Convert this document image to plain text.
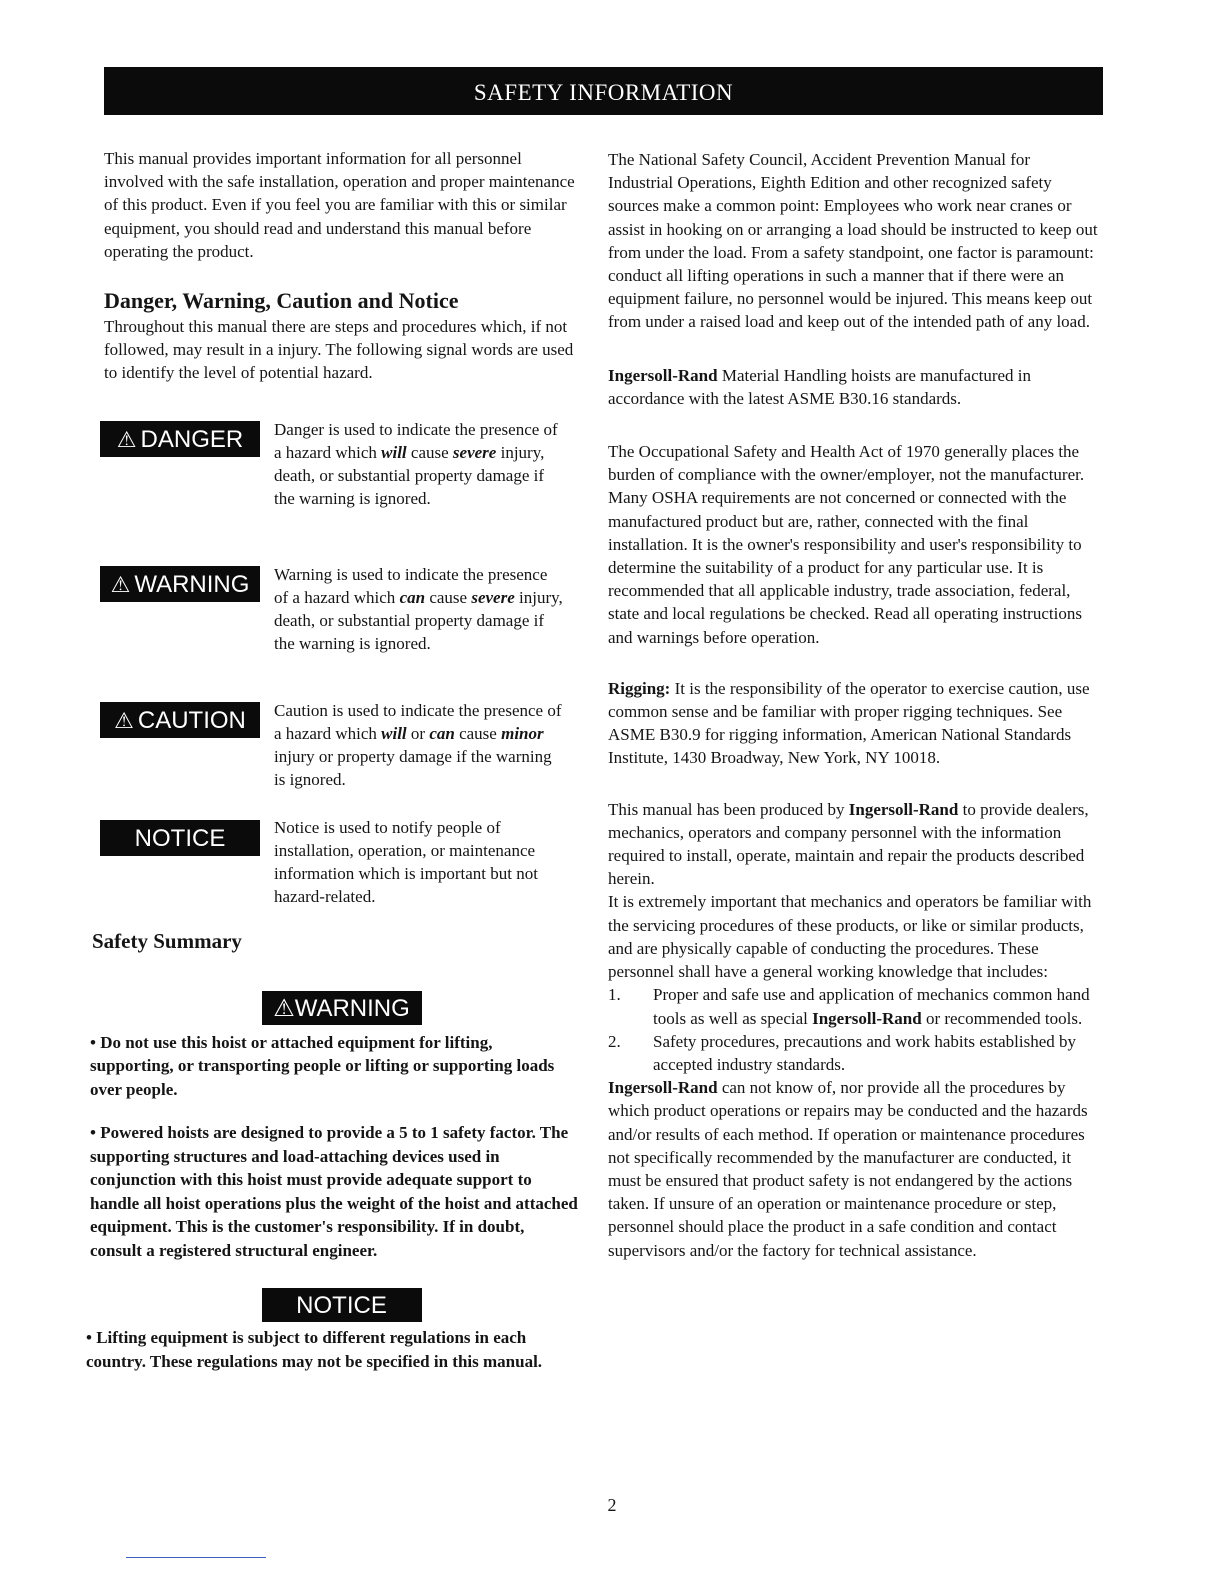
SAFETY INFORMATION

This manual provides important information for all personnel involved with the safe installation, operation and proper maintenance of this product. Even if you feel you are familiar with this or similar equipment, you should read and understand this manual before operating the product.

Danger, Warning, Caution and Notice

Throughout this manual there are steps and procedures which, if not followed, may result in a injury. The following signal words are used to identify the level of potential hazard.

⚠ DANGER	Danger is used to indicate the presence of a hazard which will cause severe injury, death, or substantial property damage if the warning is ignored.
⚠ WARNING	Warning is used to indicate the presence of a hazard which can cause severe injury, death, or substantial property damage if the warning is ignored.
⚠ CAUTION	Caution is used to indicate the presence of a hazard which will or can cause minor injury or property damage if the warning is ignored.
NOTICE	Notice is used to notify people of installation, operation, or maintenance information which is important but not hazard-related.
Safety Summary
⚠WARNING

• Do not use this hoist or attached equipment for lifting, supporting, or transporting people or lifting or supporting loads over people.

• Powered hoists are designed to provide a 5 to 1 safety factor. The supporting structures and load-attaching devices used in conjunction with this hoist must provide adequate support to handle all hoist operations plus the weight of the hoist and attached equipment. This is the customer's responsibility. If in doubt, consult a registered structural engineer.

NOTICE

• Lifting equipment is subject to different regulations in each country. These regulations may not be specified in this manual.

The National Safety Council, Accident Prevention Manual for Industrial Operations, Eighth Edition and other recognized safety sources make a common point: Employees who work near cranes or assist in hooking on or arranging a load should be instructed to keep out from under the load. From a safety standpoint, one factor is paramount: conduct all lifting operations in such a manner that if there were an equipment failure, no personnel would be injured. This means keep out from under a raised load and keep out of the intended path of any load.

Ingersoll-Rand Material Handling hoists are manufactured in accordance with the latest ASME B30.16 standards.

The Occupational Safety and Health Act of 1970 generally places the burden of compliance with the owner/employer, not the manufacturer. Many OSHA requirements are not concerned or connected with the manufactured product but are, rather, connected with the final installation. It is the owner's responsibility and user's responsibility to determine the suitability of a product for any particular use. It is recommended that all applicable industry, trade association, federal, state and local regulations be checked. Read all operating instructions and warnings before operation.

Rigging: It is the responsibility of the operator to exercise caution, use common sense and be familiar with proper rigging techniques. See ASME B30.9 for rigging information, American National Standards Institute, 1430 Broadway, New York, NY 10018.

This manual has been produced by Ingersoll-Rand to provide dealers, mechanics, operators and company personnel with the information required to install, operate, maintain and repair the products described herein.

It is extremely important that mechanics and operators be familiar with the servicing procedures of these products, or like or similar products, and are physically capable of conducting the procedures. These personnel shall have a general working knowledge that includes:

1.	Proper and safe use and application of mechanics common hand tools as well as special Ingersoll-Rand or recommended tools.
2.	Safety procedures, precautions and work habits established by accepted industry standards.

Ingersoll-Rand can not know of, nor provide all the procedures by which product operations or repairs may be conducted and the hazards and/or results of each method. If operation or maintenance procedures not specifically recommended by the manufacturer are conducted, it must be ensured that product safety is not endangered by the actions taken. If unsure of an operation or maintenance procedure or step, personnel should place the product in a safe condition and contact supervisors and/or the factory for technical assistance.

2
